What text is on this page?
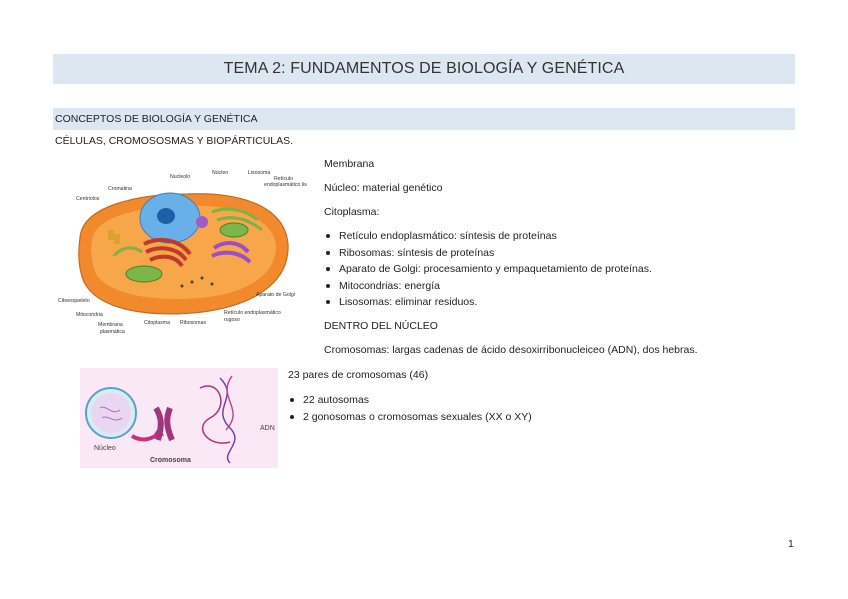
TEMA 2: FUNDAMENTOS DE BIOLOGÍA Y GENÉTICA
CONCEPTOS DE BIOLOGÍA Y GENÉTICA
CÉLULAS, CROMOSOSMAS Y BIOPÁRTICULAS.
Nucleolo
Núcleo	Lisosoma
Retículo
endoplasmático liso
Cromatina
Centriolos
Aparato de Golgi
Citoesqueleto
Mitocondria
Membrana
plasmática
Citoplasma Ribosomas
Retículo endoplasmático
rugoso
Membrana
Núcleo: material genético
Citoplasma:
Retículo endoplasmático: síntesis de proteínas
Ribosomas: síntesis de proteínas
Aparato de Golgi: procesamiento y empaquetamiento de proteínas.
Mitocondrias: energía
Lisosomas: eliminar residuos.
DENTRO DEL NÚCLEO
Cromosomas: largas cadenas de ácido desoxirribonucleiceo (ADN), dos hebras.
Núcleo
Cromosoma
ADN
23 pares de cromosomas (46)
22 autosomas
2 gonosomas o cromosomas sexuales (XX o XY)
1
